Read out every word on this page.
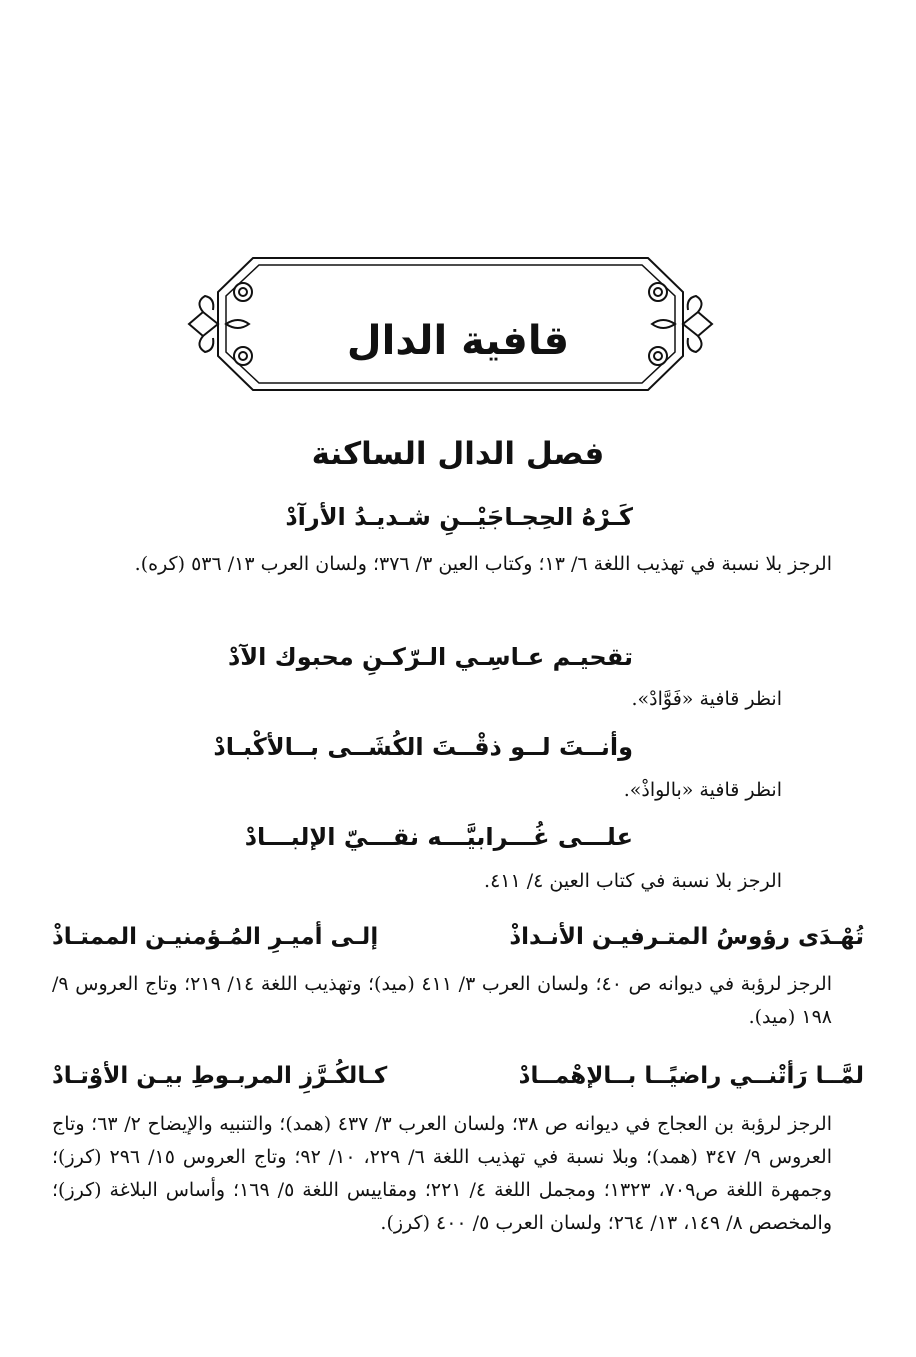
قافية الدال
فصل الدال الساكنة
كَـرْهُ الحِجـاجَيْــنِ شـديـدُ الأرآدْ
الرجز بلا نسبة في تهذيب اللغة ٦/ ١٣؛ وكتاب العين ٣/ ٣٧٦؛ ولسان العرب ١٣/ ٥٣٦ (كره).
تقحيـم عـاسِـي الـرّكـنِ محبوك الآدْ
انظر قافية «فَوَّادْ».
وأنــتَ لــو ذقْــتَ الكُشَــى بــالأكْبـادْ
انظر قافية «بالواذْ».
علـــى غُـــرابيَّـــه نقـــيّ الإلبـــادْ
الرجز بلا نسبة في كتاب العين ٤/ ٤١١.
تُهْـدَى رؤوسُ المتـرفيـن الأنـداذْ
إلـى أميـرِ المُـؤمنيـن الممتـاذْ
الرجز لرؤبة في ديوانه ص ٤٠؛ ولسان العرب ٣/ ٤١١ (ميد)؛ وتهذيب اللغة ١٤/ ٢١٩؛ وتاج العروس ٩/ ١٩٨ (ميد).
لمَّــا رَأتْنــي راضيًــا بــالإهْمــادْ
كـالكُـرَّزِ المربـوطِ بيـن الأوْتـادْ
الرجز لرؤبة بن العجاج في ديوانه ص ٣٨؛ ولسان العرب ٣/ ٤٣٧ (همد)؛ والتنبيه والإيضاح ٢/ ٦٣؛ وتاج العروس ٩/ ٣٤٧ (همد)؛ وبلا نسبة في تهذيب اللغة ٦/ ٢٢٩، ١٠/ ٩٢؛ وتاج العروس ١٥/ ٢٩٦ (كرز)؛ وجمهرة اللغة ص٧٠٩، ١٣٢٣؛ ومجمل اللغة ٤/ ٢٢١؛ ومقاييس اللغة ٥/ ١٦٩؛ وأساس البلاغة (كرز)؛ والمخصص ٨/ ١٤٩، ١٣/ ٢٦٤؛ ولسان العرب ٥/ ٤٠٠ (كرز).
